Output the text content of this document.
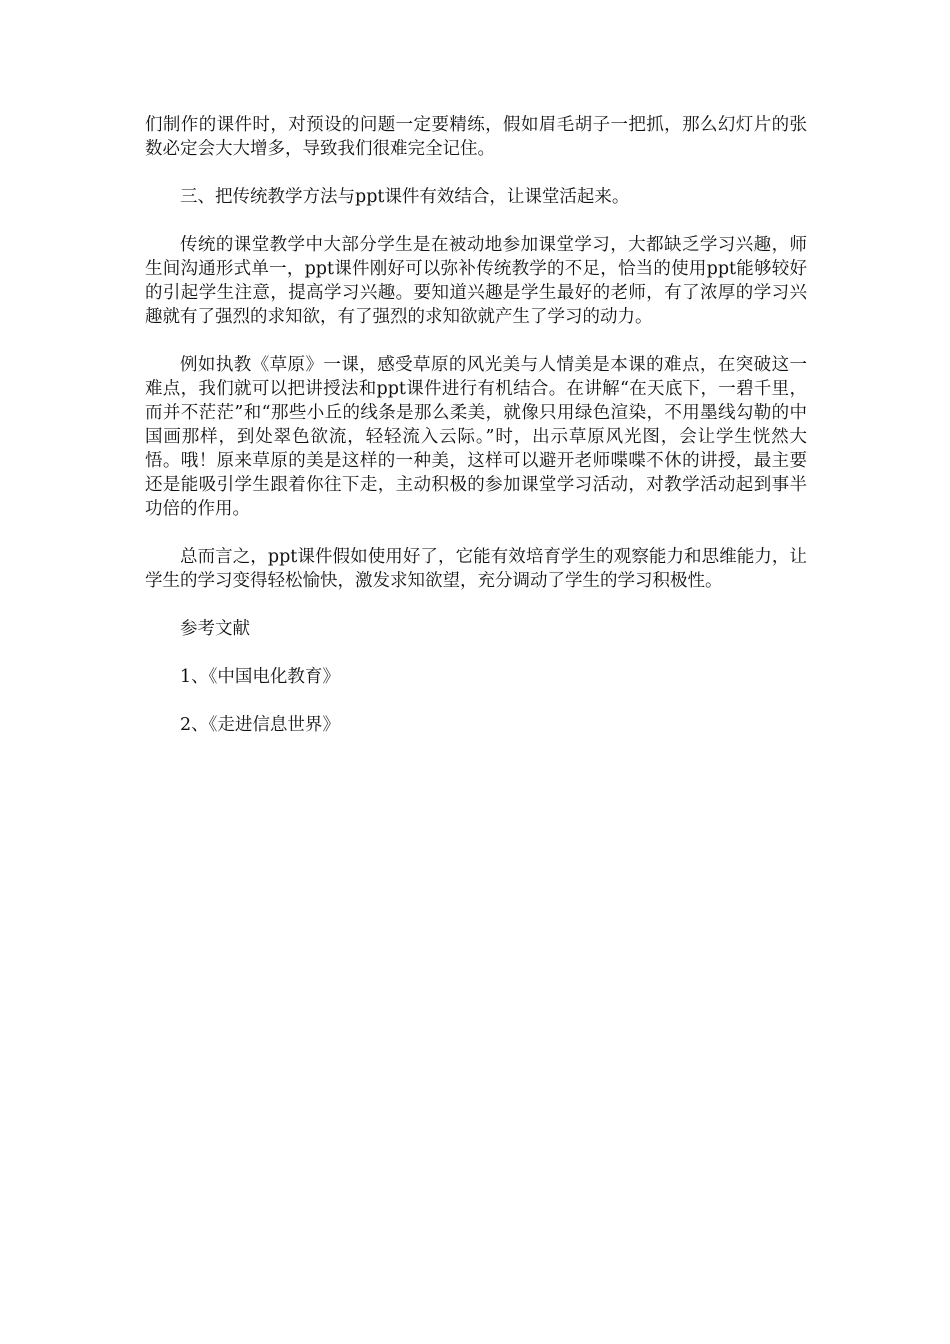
们制作的课件时，对预设的问题一定要精练，假如眉毛胡子一把抓，那么幻灯片的张数必定会大大增多，导致我们很难完全记住。

三、把传统教学方法与ppt课件有效结合，让课堂活起来。

传统的课堂教学中大部分学生是在被动地参加课堂学习，大都缺乏学习兴趣，师生间沟通形式单一，ppt课件刚好可以弥补传统教学的不足，恰当的使用ppt能够较好的引起学生注意，提高学习兴趣。要知道兴趣是学生最好的老师，有了浓厚的学习兴趣就有了强烈的求知欲，有了强烈的求知欲就产生了学习的动力。

例如执教《草原》一课，感受草原的风光美与人情美是本课的难点，在突破这一难点，我们就可以把讲授法和ppt课件进行有机结合。在讲解“在天底下，一碧千里，而并不茫茫”和“那些小丘的线条是那么柔美，就像只用绿色渲染，不用墨线勾勒的中国画那样，到处翠色欲流，轻轻流入云际。”时，出示草原风光图，会让学生恍然大悟。哦！原来草原的美是这样的一种美，这样可以避开老师喋喋不休的讲授，最主要还是能吸引学生跟着你往下走，主动积极的参加课堂学习活动，对教学活动起到事半功倍的作用。

总而言之，ppt课件假如使用好了，它能有效培育学生的观察能力和思维能力，让学生的学习变得轻松愉快，激发求知欲望，充分调动了学生的学习积极性。

参考文献

1、《中国电化教育》

2、《走进信息世界》
